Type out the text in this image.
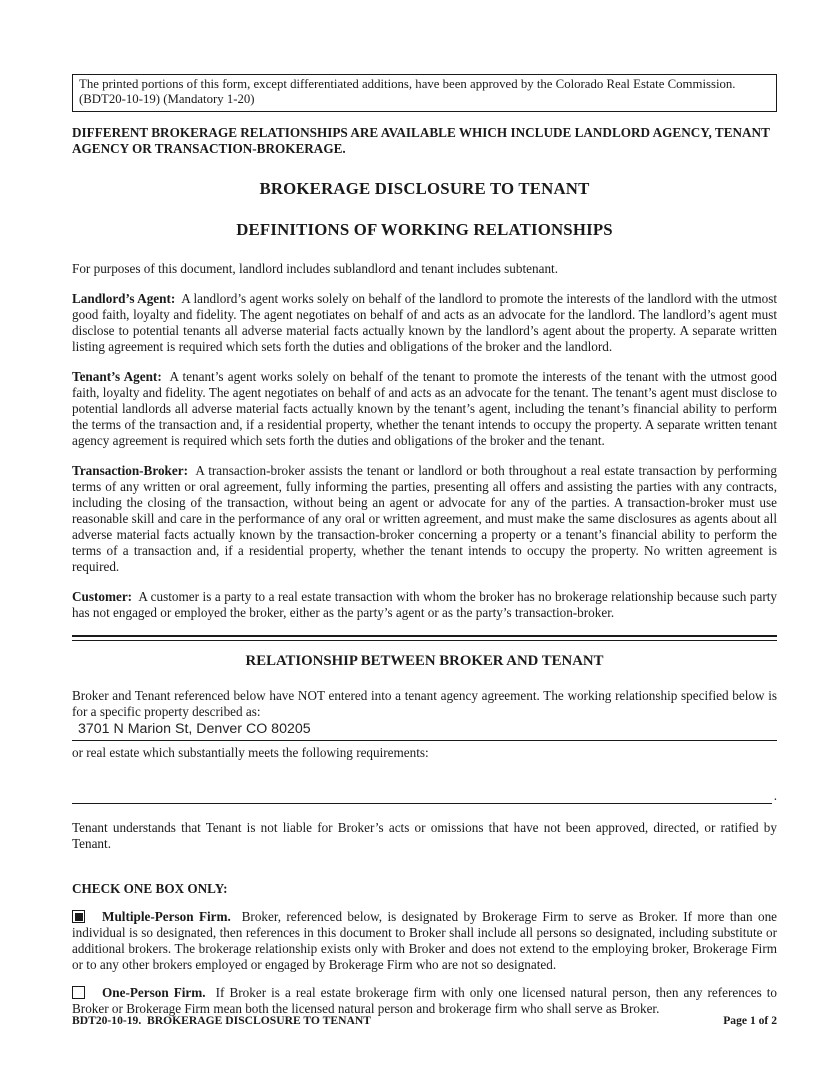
The printed portions of this form, except differentiated additions, have been approved by the Colorado Real Estate Commission.
(BDT20-10-19) (Mandatory 1-20)
DIFFERENT BROKERAGE RELATIONSHIPS ARE AVAILABLE WHICH INCLUDE LANDLORD AGENCY, TENANT AGENCY OR TRANSACTION-BROKERAGE.
BROKERAGE DISCLOSURE TO TENANT
DEFINITIONS OF WORKING RELATIONSHIPS
For purposes of this document, landlord includes sublandlord and tenant includes subtenant.

Landlord’s Agent: A landlord’s agent works solely on behalf of the landlord to promote the interests of the landlord with the utmost good faith, loyalty and fidelity. The agent negotiates on behalf of and acts as an advocate for the landlord. The landlord’s agent must disclose to potential tenants all adverse material facts actually known by the landlord’s agent about the property. A separate written listing agreement is required which sets forth the duties and obligations of the broker and the landlord.

Tenant’s Agent: A tenant’s agent works solely on behalf of the tenant to promote the interests of the tenant with the utmost good faith, loyalty and fidelity. The agent negotiates on behalf of and acts as an advocate for the tenant. The tenant’s agent must disclose to potential landlords all adverse material facts actually known by the tenant’s agent, including the tenant’s financial ability to perform the terms of the transaction and, if a residential property, whether the tenant intends to occupy the property. A separate written tenant agency agreement is required which sets forth the duties and obligations of the broker and the tenant.

Transaction-Broker: A transaction-broker assists the tenant or landlord or both throughout a real estate transaction by performing terms of any written or oral agreement, fully informing the parties, presenting all offers and assisting the parties with any contracts, including the closing of the transaction, without being an agent or advocate for any of the parties. A transaction-broker must use reasonable skill and care in the performance of any oral or written agreement, and must make the same disclosures as agents about all adverse material facts actually known by the transaction-broker concerning a property or a tenant’s financial ability to perform the terms of a transaction and, if a residential property, whether the tenant intends to occupy the property. No written agreement is required.

Customer: A customer is a party to a real estate transaction with whom the broker has no brokerage relationship because such party has not engaged or employed the broker, either as the party’s agent or as the party’s transaction-broker.

RELATIONSHIP BETWEEN BROKER AND TENANT
Broker and Tenant referenced below have NOT entered into a tenant agency agreement. The working relationship specified below is for a specific property described as:
3701 N Marion St, Denver CO 80205
or real estate which substantially meets the following requirements:
.
Tenant understands that Tenant is not liable for Broker’s acts or omissions that have not been approved, directed, or ratified by Tenant.
CHECK ONE BOX ONLY:

Multiple-Person Firm. Broker, referenced below, is designated by Brokerage Firm to serve as Broker. If more than one individual is so designated, then references in this document to Broker shall include all persons so designated, including substitute or additional brokers. The brokerage relationship exists only with Broker and does not extend to the employing broker, Brokerage Firm or to any other brokers employed or engaged by Brokerage Firm who are not so designated.

One-Person Firm. If Broker is a real estate brokerage firm with only one licensed natural person, then any references to Broker or Brokerage Firm mean both the licensed natural person and brokerage firm who shall serve as Broker.

BDT20-10-19.  BROKERAGE DISCLOSURE TO TENANT	Page 1 of 2
